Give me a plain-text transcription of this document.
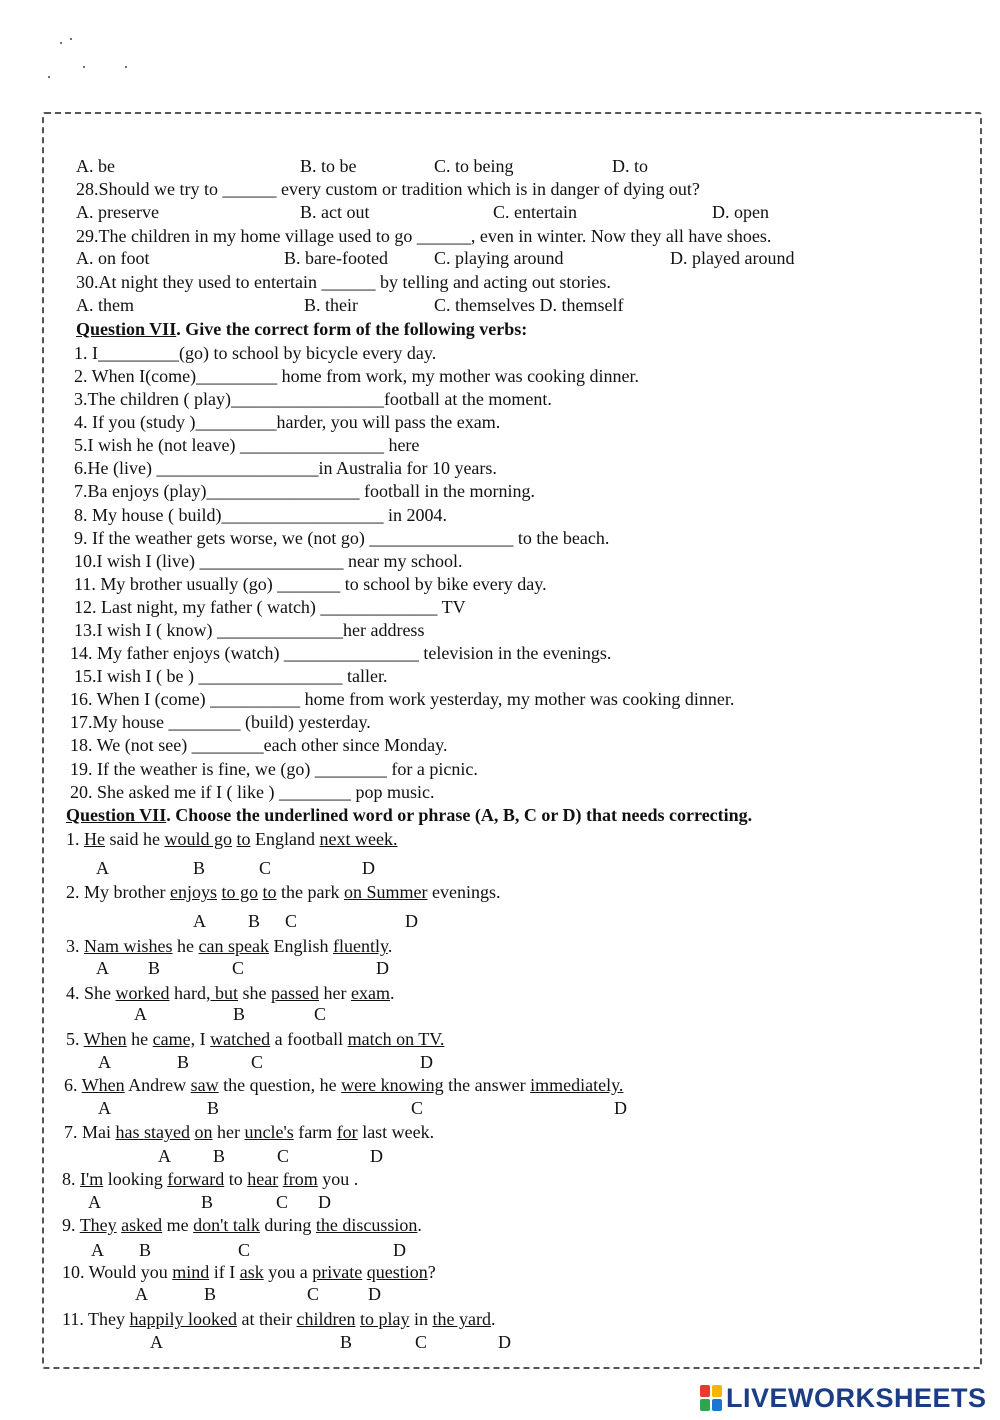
A. be	B. to be	C. to being	D. to
28.Should we try to ______ every custom or tradition which is in danger of dying out?
A. preserve	B. act out	C. entertain	D. open
29.The children in my home village used to go ______, even in winter. Now they all have shoes.
A. on foot	B. bare-footed	C. playing around	D. played around
30.At night they used to entertain ______ by telling and acting out stories.
A. them	B. their	C. themselves D. themself
Question VII. Give the correct form of the following verbs:
1. I_________(go) to school by bicycle every day.
2. When I(come)_________ home from work, my mother was cooking dinner.
3.The children ( play)_________________football at the moment.
4. If you (study )_________harder, you will pass the exam.
5.I wish he (not leave) ________________ here
6.He (live) __________________in Australia for 10 years.
7.Ba enjoys (play)_________________ football in the morning.
8. My house ( build)__________________ in 2004.
9. If the weather gets worse, we (not go) ________________ to the beach.
10.I wish I (live) ________________ near my school.
11. My brother usually (go) _______ to school by bike every day.
12. Last night, my father ( watch) _____________ TV
13.I wish I ( know) ______________her address
14. My father enjoys (watch) _______________ television in the evenings.
15.I wish I ( be ) ________________ taller.
16. When I (come) __________ home from work yesterday, my mother was cooking dinner.
17.My house ________ (build) yesterday.
18. We (not see) ________each other since Monday.
19. If the weather is fine, we (go) ________ for a picnic.
20. She asked me if I ( like ) ________ pop music.
Question VII. Choose the underlined word or phrase (A, B, C or D) that needs correcting.
1. He said he would go to England next week.
A	B	C	D
2. My brother enjoys to go to the park on Summer evenings.
A B C	D
3. Nam wishes he can speak English fluently.
A B	C	D
4. She worked hard, but she passed her exam.
A	B	C
5. When he came, I watched a football match on TV.
A	B	C	D
6. When Andrew saw the question, he were knowing the answer immediately.
A	B	C	D
7. Mai has stayed on her uncle's farm for last week.
A B	C	D
8. I'm looking forward to hear from you .
A	B	C D
9. They asked me don't talk during the discussion.
A B	C	D
10. Would you mind if I ask you a private question?
A	B	C	D
11. They happily looked at their children to play in the yard.
A	B	C	D
LIVEWORKSHEETS
